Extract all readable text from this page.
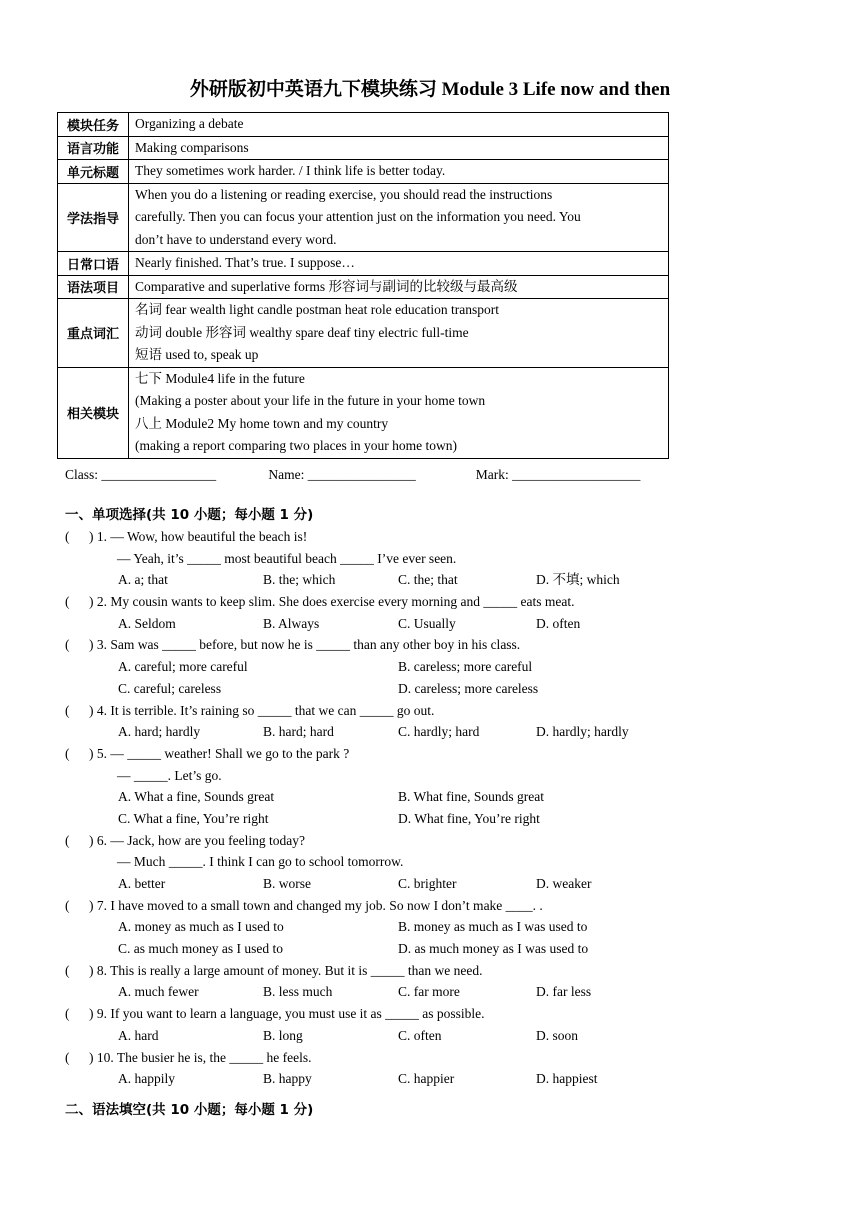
外研版初中英语九下模块练习 Module 3 Life now and then
模块任务	Organizing a debate

语言功能	Making comparisons

单元标题	They sometimes work harder. / I think life is better today.

学法指导	When you do a listening or reading exercise, you should read the instructions
carefully. Then you can focus your attention just on the information you need. You
don’t have to understand every word.

日常口语	Nearly finished. That’s true. I suppose…

语法项目	Comparative and superlative forms 形容词与副词的比较级与最高级

重点词汇	名词 fear wealth light candle postman heat role education transport
动词 double 形容词 wealthy spare deaf tiny electric full-time
短语 used to, speak up

相关模块	七下 Module4 life in the future
(Making a poster about your life in the future in your home town
八上 Module2 My home town and my country
(making a report comparing two places in your home town)
Class: _________________	Name: ________________	Mark: ___________________
一、单项选择(共 10 小题；每小题 1 分)
() 1. — Wow, how beautiful the beach is!
— Yeah, it’s _____ most beautiful beach _____ I’ve ever seen.
A. a; that	B. the; which	C. the; that	D. 不填; which
() 2. My cousin wants to keep slim. She does exercise every morning and _____ eats meat.
A. Seldom	B. Always	C. Usually	D. often
() 3. Sam was _____ before, but now he is _____ than any other boy in his class.
A. careful; more careful	B. careless; more careful
C. careful; careless	D. careless; more careless
() 4. It is terrible. It’s raining so _____ that we can _____ go out.
A. hard; hardly	B. hard; hard	C. hardly; hard	D. hardly; hardly
() 5. — _____ weather! Shall we go to the park ?
— _____. Let’s go.
A. What a fine, Sounds great	B. What fine, Sounds great
C. What a fine, You’re right	D. What fine, You’re right
() 6. — Jack, how are you feeling today?
— Much _____. I think I can go to school tomorrow.
A. better	B. worse	C. brighter	D. weaker
() 7. I have moved to a small town and changed my job. So now I don’t make ____. .
A. money as much as I used to	B. money as much as I was used to
C. as much money as I used to	D. as much money as I was used to
() 8. This is really a large amount of money. But it is _____ than we need.
A. much fewer	B. less much	C. far more	D. far less
() 9. If you want to learn a language, you must use it as _____ as possible.
A. hard	B. long	C. often	D. soon
() 10. The busier he is, the _____ he feels.
A. happily	B. happy	C. happier	D. happiest
二、语法填空(共 10 小题；每小题 1 分)
